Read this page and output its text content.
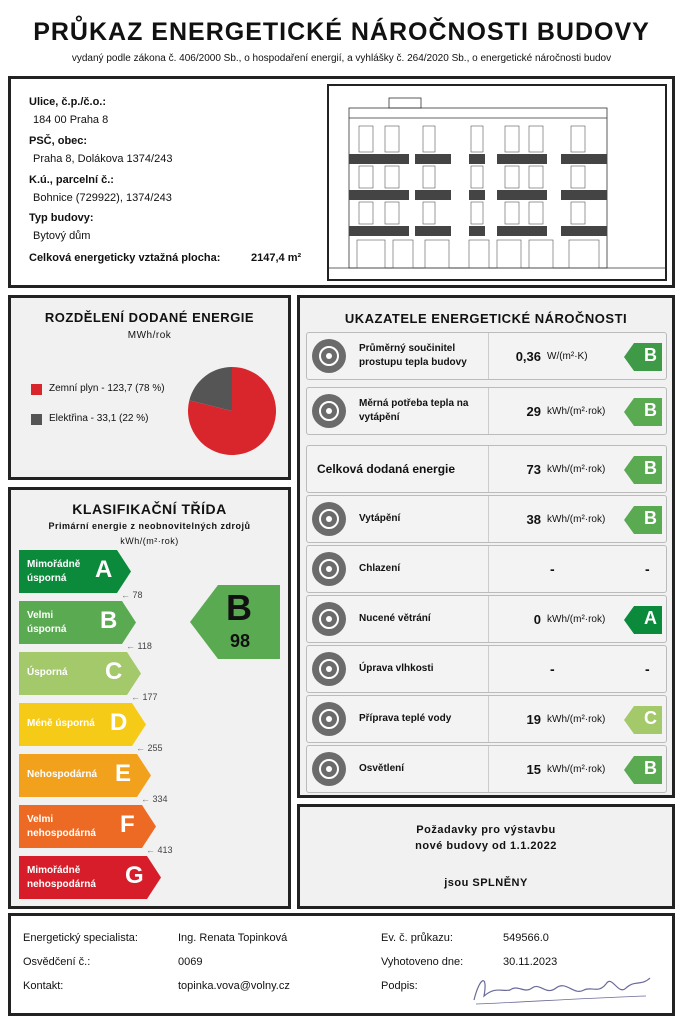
PRŮKAZ ENERGETICKÉ NÁROČNOSTI BUDOVY
vydaný podle zákona č. 406/2000 Sb., o hospodaření energií, a vyhlášky č. 264/2020 Sb., o energetické náročnosti budov
Ulice, č.p./č.o.:
184 00 Praha 8
PSČ, obec:
Praha 8, Dolákova 1374/243
K.ú., parcelní č.:
Bohnice (729922), 1374/243
Typ budovy:
Bytový dům
Celková energeticky vztažná plocha:	2147,4 m²
ROZDĚLENÍ DODANÉ ENERGIE
MWh/rok
Zemní plyn - 123,7 (78 %)
Elektřina - 33,1 (22 %)
KLASIFIKAČNÍ TŘÍDA
Primární energie z neobnovitelných zdrojů
kWh/(m²·rok)
Mimořádně
úsporná A
← 78
Velmi
úsporná B
← 118
Úsporná C
← 177
Méně úsporná D
← 255
Nehospodárná E
← 334
Velmi
nehospodárná F
← 413
Mimořádně
nehospodárná G
B
98
UKAZATELE ENERGETICKÉ NÁROČNOSTI
Průměrný součinitel prostupu tepla budovy	0,36 W/(m²·K)	B
Měrná potřeba tepla na vytápění	29 kWh/(m²·rok) B
Celková dodaná energie	73 kWh/(m²·rok) B
Vytápění	38 kWh/(m²·rok) B
Chlazení	-	-
Nucené větrání	0 kWh/(m²·rok) A
Úprava vlhkosti	-	-
Příprava teplé vody	19 kWh/(m²·rok) C
Osvětlení	15 kWh/(m²·rok) B
Požadavky pro výstavbu
nové budovy od 1.1.2022
jsou SPLNĚNY
Energetický specialista:	Ing. Renata Topinková
Osvědčení č.:	0069
Kontakt:	topinka.vova@volny.cz
Ev. č. průkazu:	549566.0
Vyhotoveno dne:	30.11.2023
Podpis:
